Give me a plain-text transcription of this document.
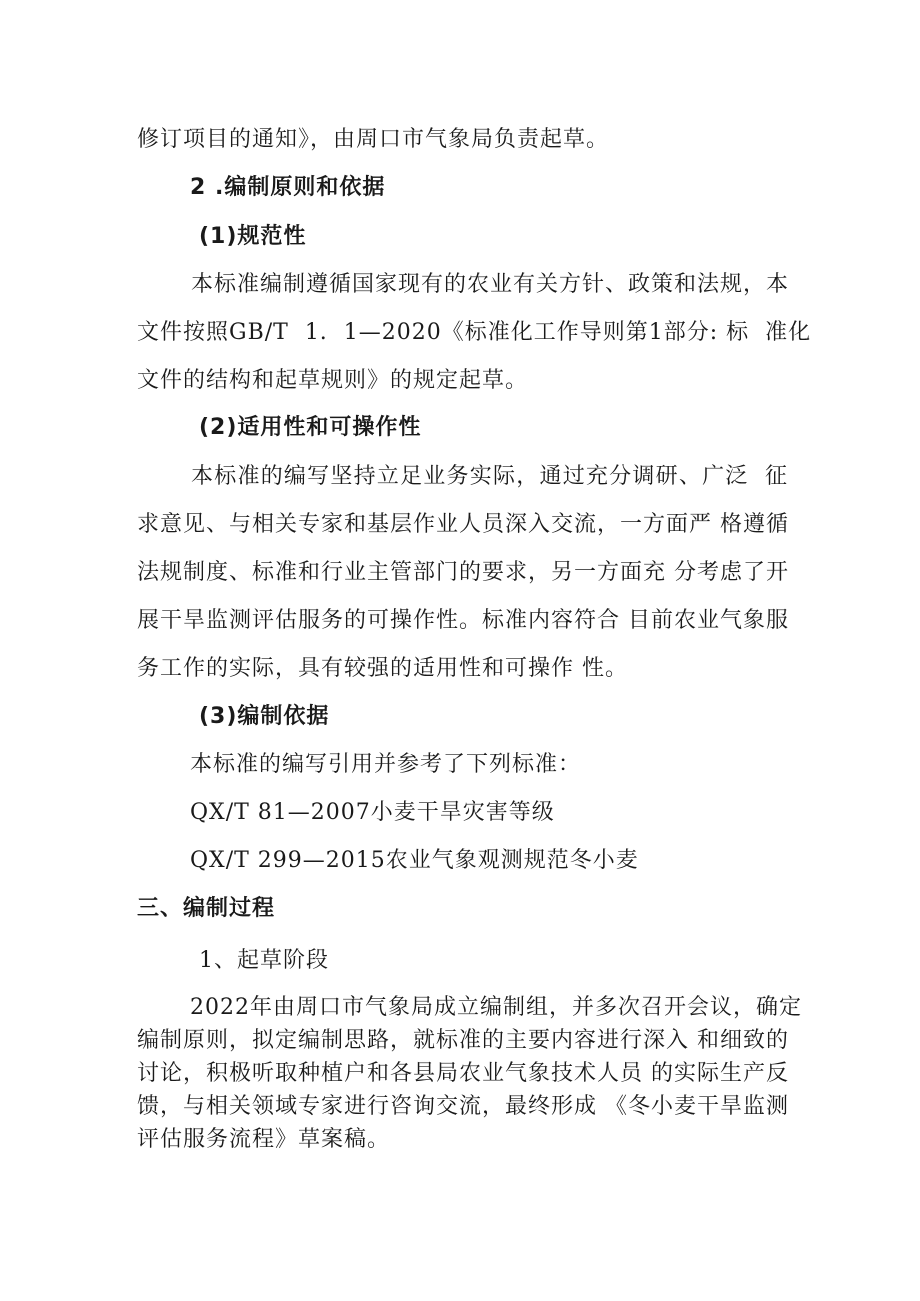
修订项目的通知》，由周口市气象局负责起草。
2 .编制原则和依据
(1)规范性
本标准编制遵循国家现有的农业有关方针、政策和法规，本
文件按照GB/T  1.  1—2020《标准化工作导则第1部分: 标  准化
文件的结构和起草规则》的规定起草。
(2)适用性和可操作性
本标准的编写坚持立足业务实际，通过充分调研、广泛  征
求意见、与相关专家和基层作业人员深入交流，一方面严 格遵循
法规制度、标准和行业主管部门的要求，另一方面充 分考虑了开
展干旱监测评估服务的可操作性。标准内容符合 目前农业气象服
务工作的实际，具有较强的适用性和可操作 性。
(3)编制依据
本标准的编写引用并参考了下列标准：
QX/T 81—2007小麦干旱灾害等级
QX/T 299—2015农业气象观测规范冬小麦
三、编制过程
1、起草阶段
2022年由周口市气象局成立编制组，并多次召开会议，确定
编制原则，拟定编制思路，就标准的主要内容进行深入 和细致的
讨论，积极听取种植户和各县局农业气象技术人员 的实际生产反
馈，与相关领域专家进行咨询交流，最终形成 《冬小麦干旱监测
评估服务流程》草案稿。
